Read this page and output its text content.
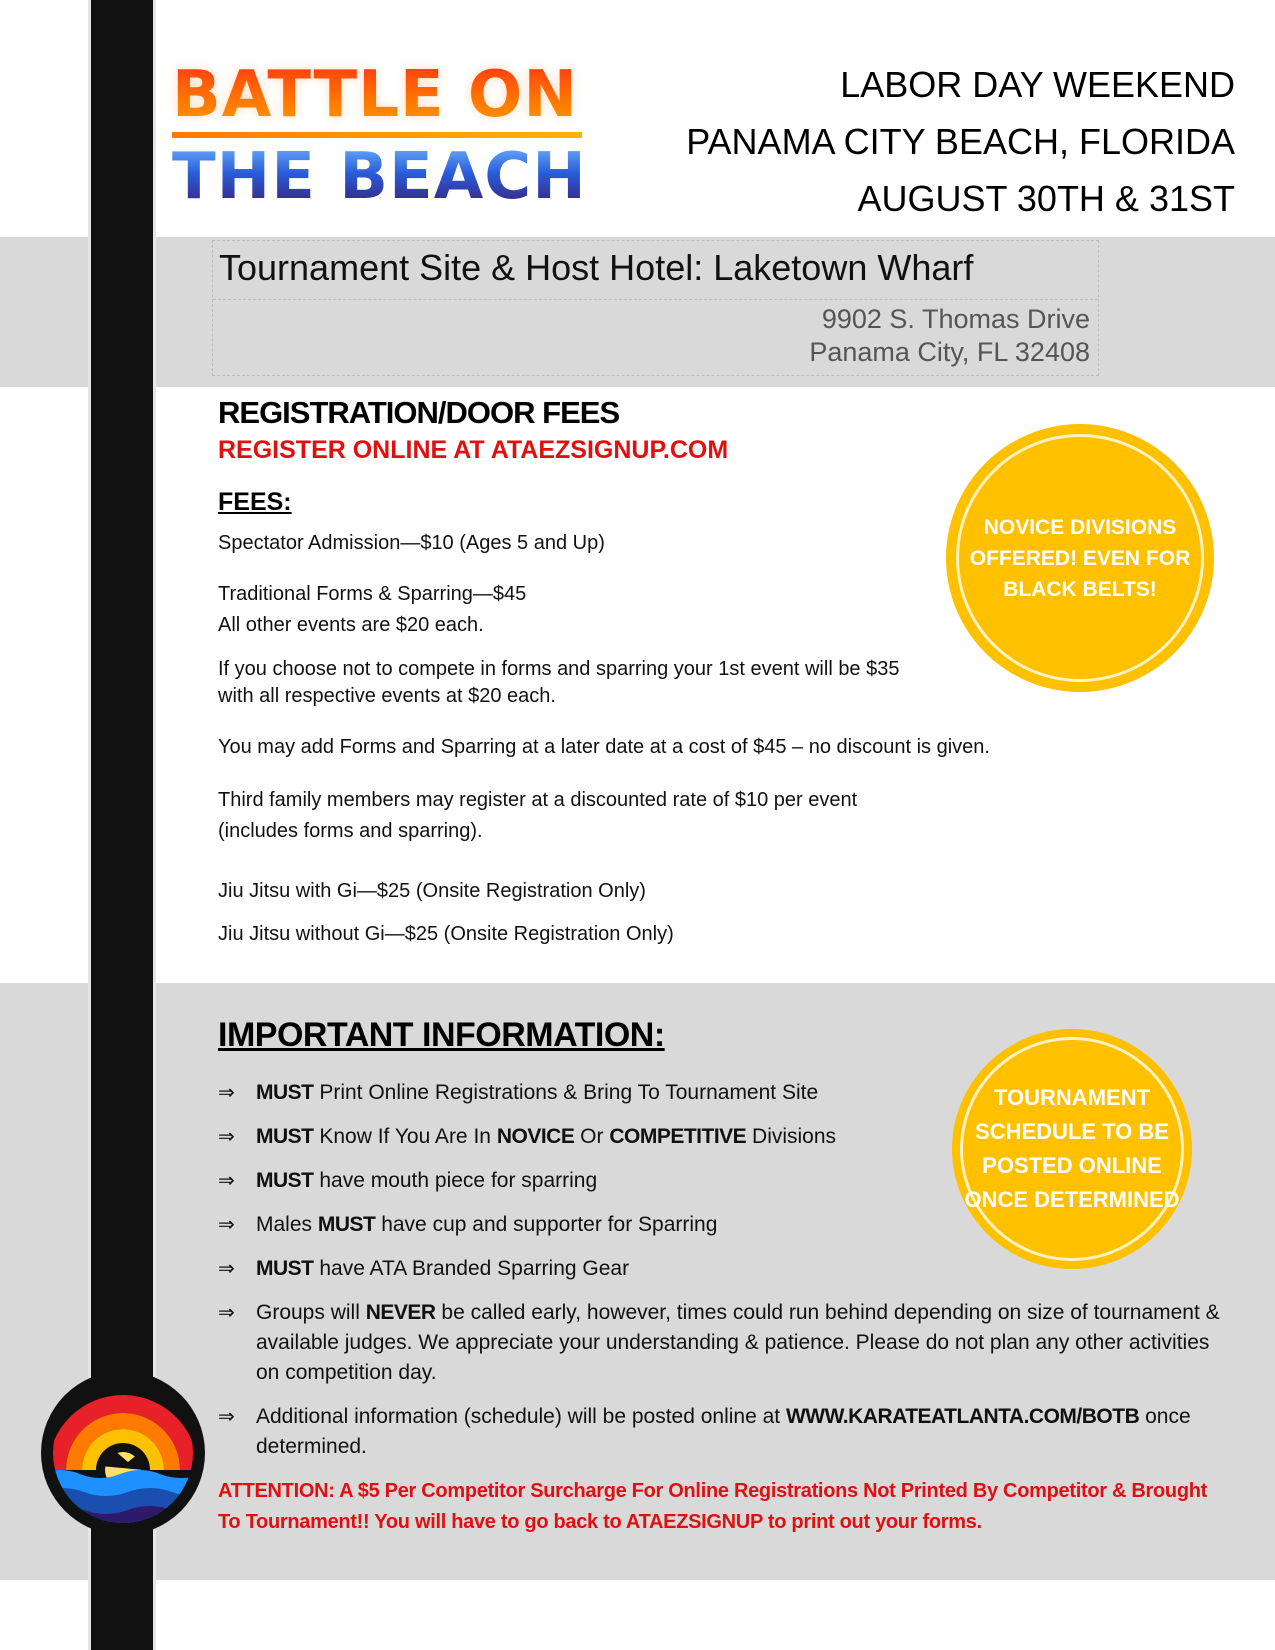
BATTLE ON
THE BEACH
LABOR DAY WEEKEND
PANAMA CITY BEACH, FLORIDA
AUGUST 30TH & 31ST
Tournament Site & Host Hotel: Laketown Wharf
9902 S. Thomas Drive
Panama City, FL 32408
REGISTRATION/DOOR FEES
REGISTER ONLINE AT ATAEZSIGNUP.COM
FEES:
Spectator Admission—$10 (Ages 5 and Up)
Traditional Forms & Sparring—$45
All other events are $20 each.
If you choose not to compete in forms and sparring your 1st event will be $35 with all respective events at $20 each.
You may add Forms and Sparring at a later date at a cost of $45 – no discount is given.
Third family members may register at a discounted rate of $10 per event (includes forms and sparring).
Jiu Jitsu with Gi—$25 (Onsite Registration Only)
Jiu Jitsu without Gi—$25 (Onsite Registration Only)
NOVICE DIVISIONS OFFERED! EVEN FOR BLACK BELTS!
IMPORTANT INFORMATION:
⇒	MUST Print Online Registrations & Bring To Tournament Site
⇒	MUST Know If You Are In NOVICE Or COMPETITIVE Divisions
⇒	MUST have mouth piece for sparring
⇒	Males MUST have cup and supporter for Sparring
⇒	MUST have ATA Branded Sparring Gear
⇒	Groups will NEVER be called early, however, times could run behind depending on size of tournament & available judges. We appreciate your understanding & patience. Please do not plan any other activities on competition day.
⇒	Additional information (schedule) will be posted online at WWW.KARATEATLANTA.COM/BOTB once determined.
TOURNAMENT SCHEDULE TO BE POSTED ONLINE ONCE DETERMINED
ATTENTION: A $5 Per Competitor Surcharge For Online Registrations Not Printed By Competitor & Brought To Tournament!! You will have to go back to ATAEZSIGNUP to print out your forms.
